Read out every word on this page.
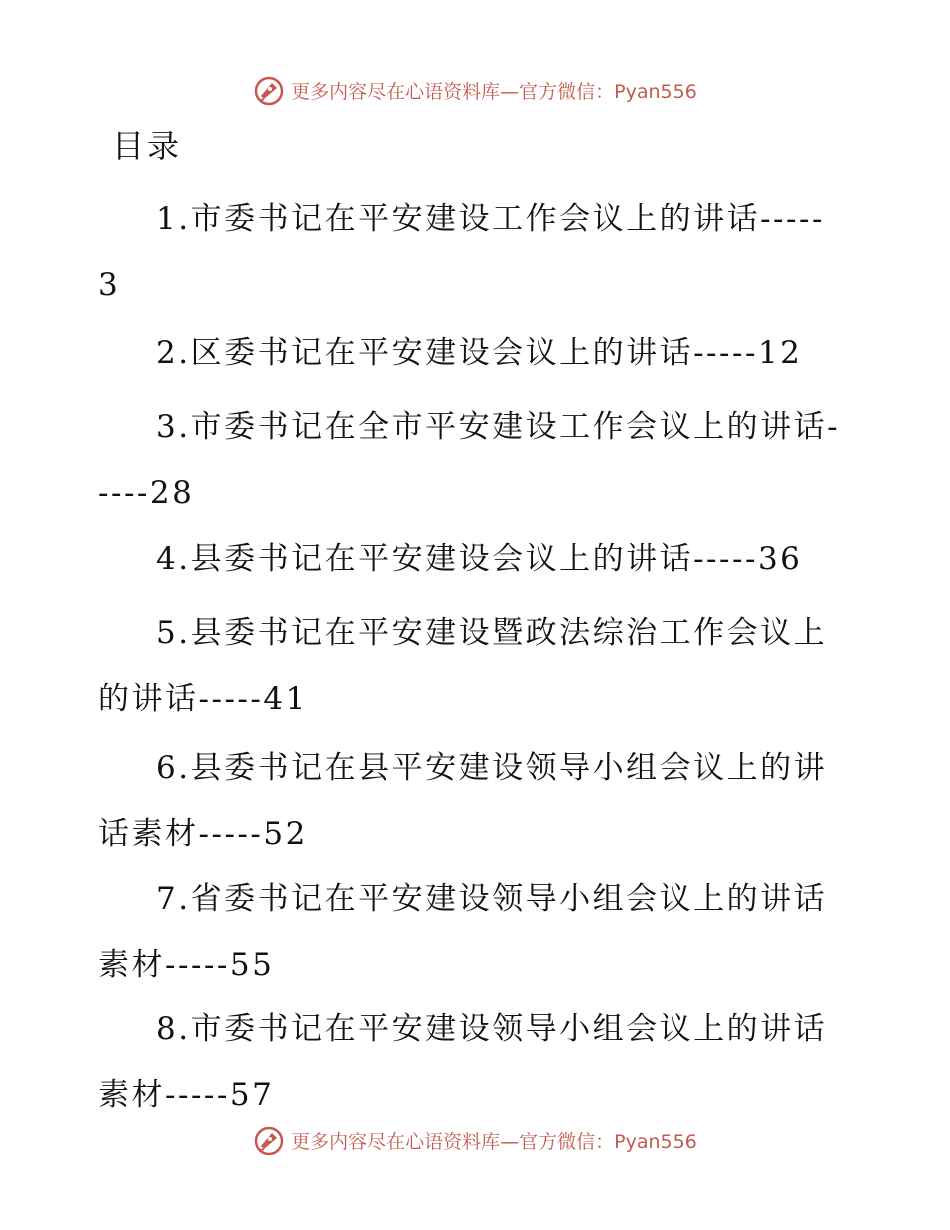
更多内容尽在心语资料库—官方微信：Pyan556
目录
1.市委书记在平安建设工作会议上的讲话-----3
2.区委书记在平安建设会议上的讲话-----12
3.市委书记在全市平安建设工作会议上的讲话-----28
4.县委书记在平安建设会议上的讲话-----36
5.县委书记在平安建设暨政法综治工作会议上的讲话-----41
6.县委书记在县平安建设领导小组会议上的讲话素材-----52
7.省委书记在平安建设领导小组会议上的讲话素材-----55
8.市委书记在平安建设领导小组会议上的讲话素材-----57
更多内容尽在心语资料库—官方微信：Pyan556
